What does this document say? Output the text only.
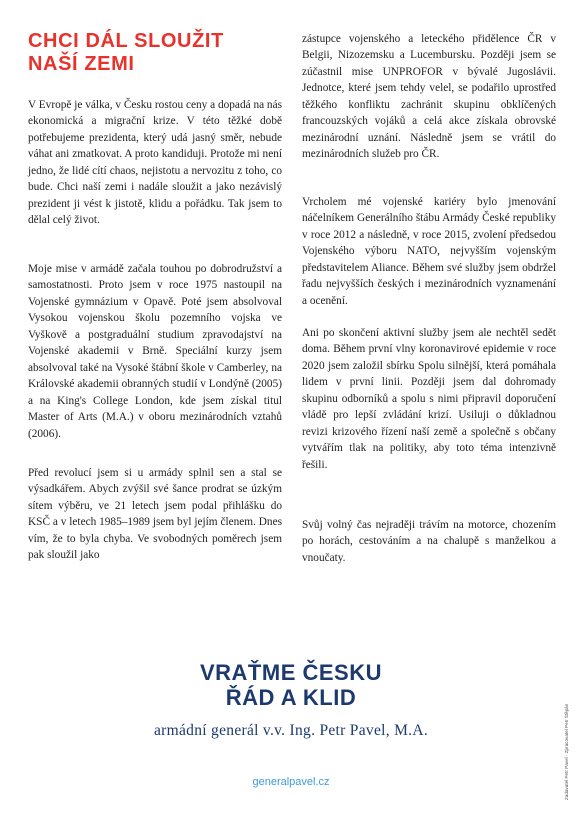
CHCI DÁL SLOUŽIT
NAŠÍ ZEMI

V Evropě je válka, v Česku rostou ceny a dopadá na nás ekonomická a migrační krize. V této těžké době potřebujeme prezidenta, který udá jasný směr, nebude váhat ani zmatkovat. A proto kandiduji. Protože mi není jedno, že lidé cítí chaos, nejistotu a nervozitu z toho, co bude. Chci naší zemi i nadále sloužit a jako nezávislý prezident ji vést k jistotě, klidu a pořádku. Tak jsem to dělal celý život.

Moje mise v armádě začala touhou po dobrodružství a samostatnosti. Proto jsem v roce 1975 nastoupil na Vojenské gymnázium v Opavě. Poté jsem absolvoval Vysokou vojenskou školu pozemního vojska ve Vyškově a postgraduální studium zpravodajství na Vojenské akademii v Brně. Speciální kurzy jsem absolvoval také na Vysoké štábní škole v Camberley, na Královské akademii obranných studií v Londýně (2005) a na King's College London, kde jsem získal titul Master of Arts (M.A.) v oboru mezinárodních vztahů (2006).

Před revolucí jsem si u armády splnil sen a stal se výsadkářem. Abych zvýšil své šance prodrat se úzkým sítem výběru, ve 21 letech jsem podal přihlášku do KSČ a v letech 1985–1989 jsem byl jejím členem. Dnes vím, že to byla chyba. Ve svobodných poměrech jsem pak sloužil jako

zástupce vojenského a leteckého přidělence ČR v Belgii, Nizozemsku a Lucembursku. Později jsem se zúčastnil mise UNPROFOR v bývalé Jugoslávii. Jednotce, které jsem tehdy velel, se podařilo uprostřed těžkého konfliktu zachránit skupinu obklíčených francouzských vojáků a celá akce získala obrovské mezinárodní uznání. Následně jsem se vrátil do mezinárodních služeb pro ČR.

Vrcholem mé vojenské kariéry bylo jmenování náčelníkem Generálního štábu Armády České republiky v roce 2012 a následně, v roce 2015, zvolení předsedou Vojenského výboru NATO, nejvyšším vojenským představitelem Aliance. Během své služby jsem obdržel řadu nejvyšších českých i mezinárodních vyznamenání a ocenění.

Ani po skončení aktivní služby jsem ale nechtěl sedět doma. Během první vlny koronavirové epidemie v roce 2020 jsem založil sbírku Spolu silnější, která pomáhala lidem v první linii. Později jsem dal dohromady skupinu odborníků a spolu s nimi připravil doporučení vládě pro lepší zvládání krizí. Usiluji o důkladnou revizi krizového řízení naší země a společně s občany vytvářím tlak na politiky, aby toto téma intenzivně řešili.

Svůj volný čas nejraději trávím na motorce, chozením po horách, cestováním a na chalupě s manželkou a vnoučaty.

VRAŤME ČESKU
ŘÁD A KLID

armádní generál v.v. Ing. Petr Pavel, M.A.

generalpavel.cz	Zadavatel Petr Pavel · Zpracovatel Petr Štěpán
